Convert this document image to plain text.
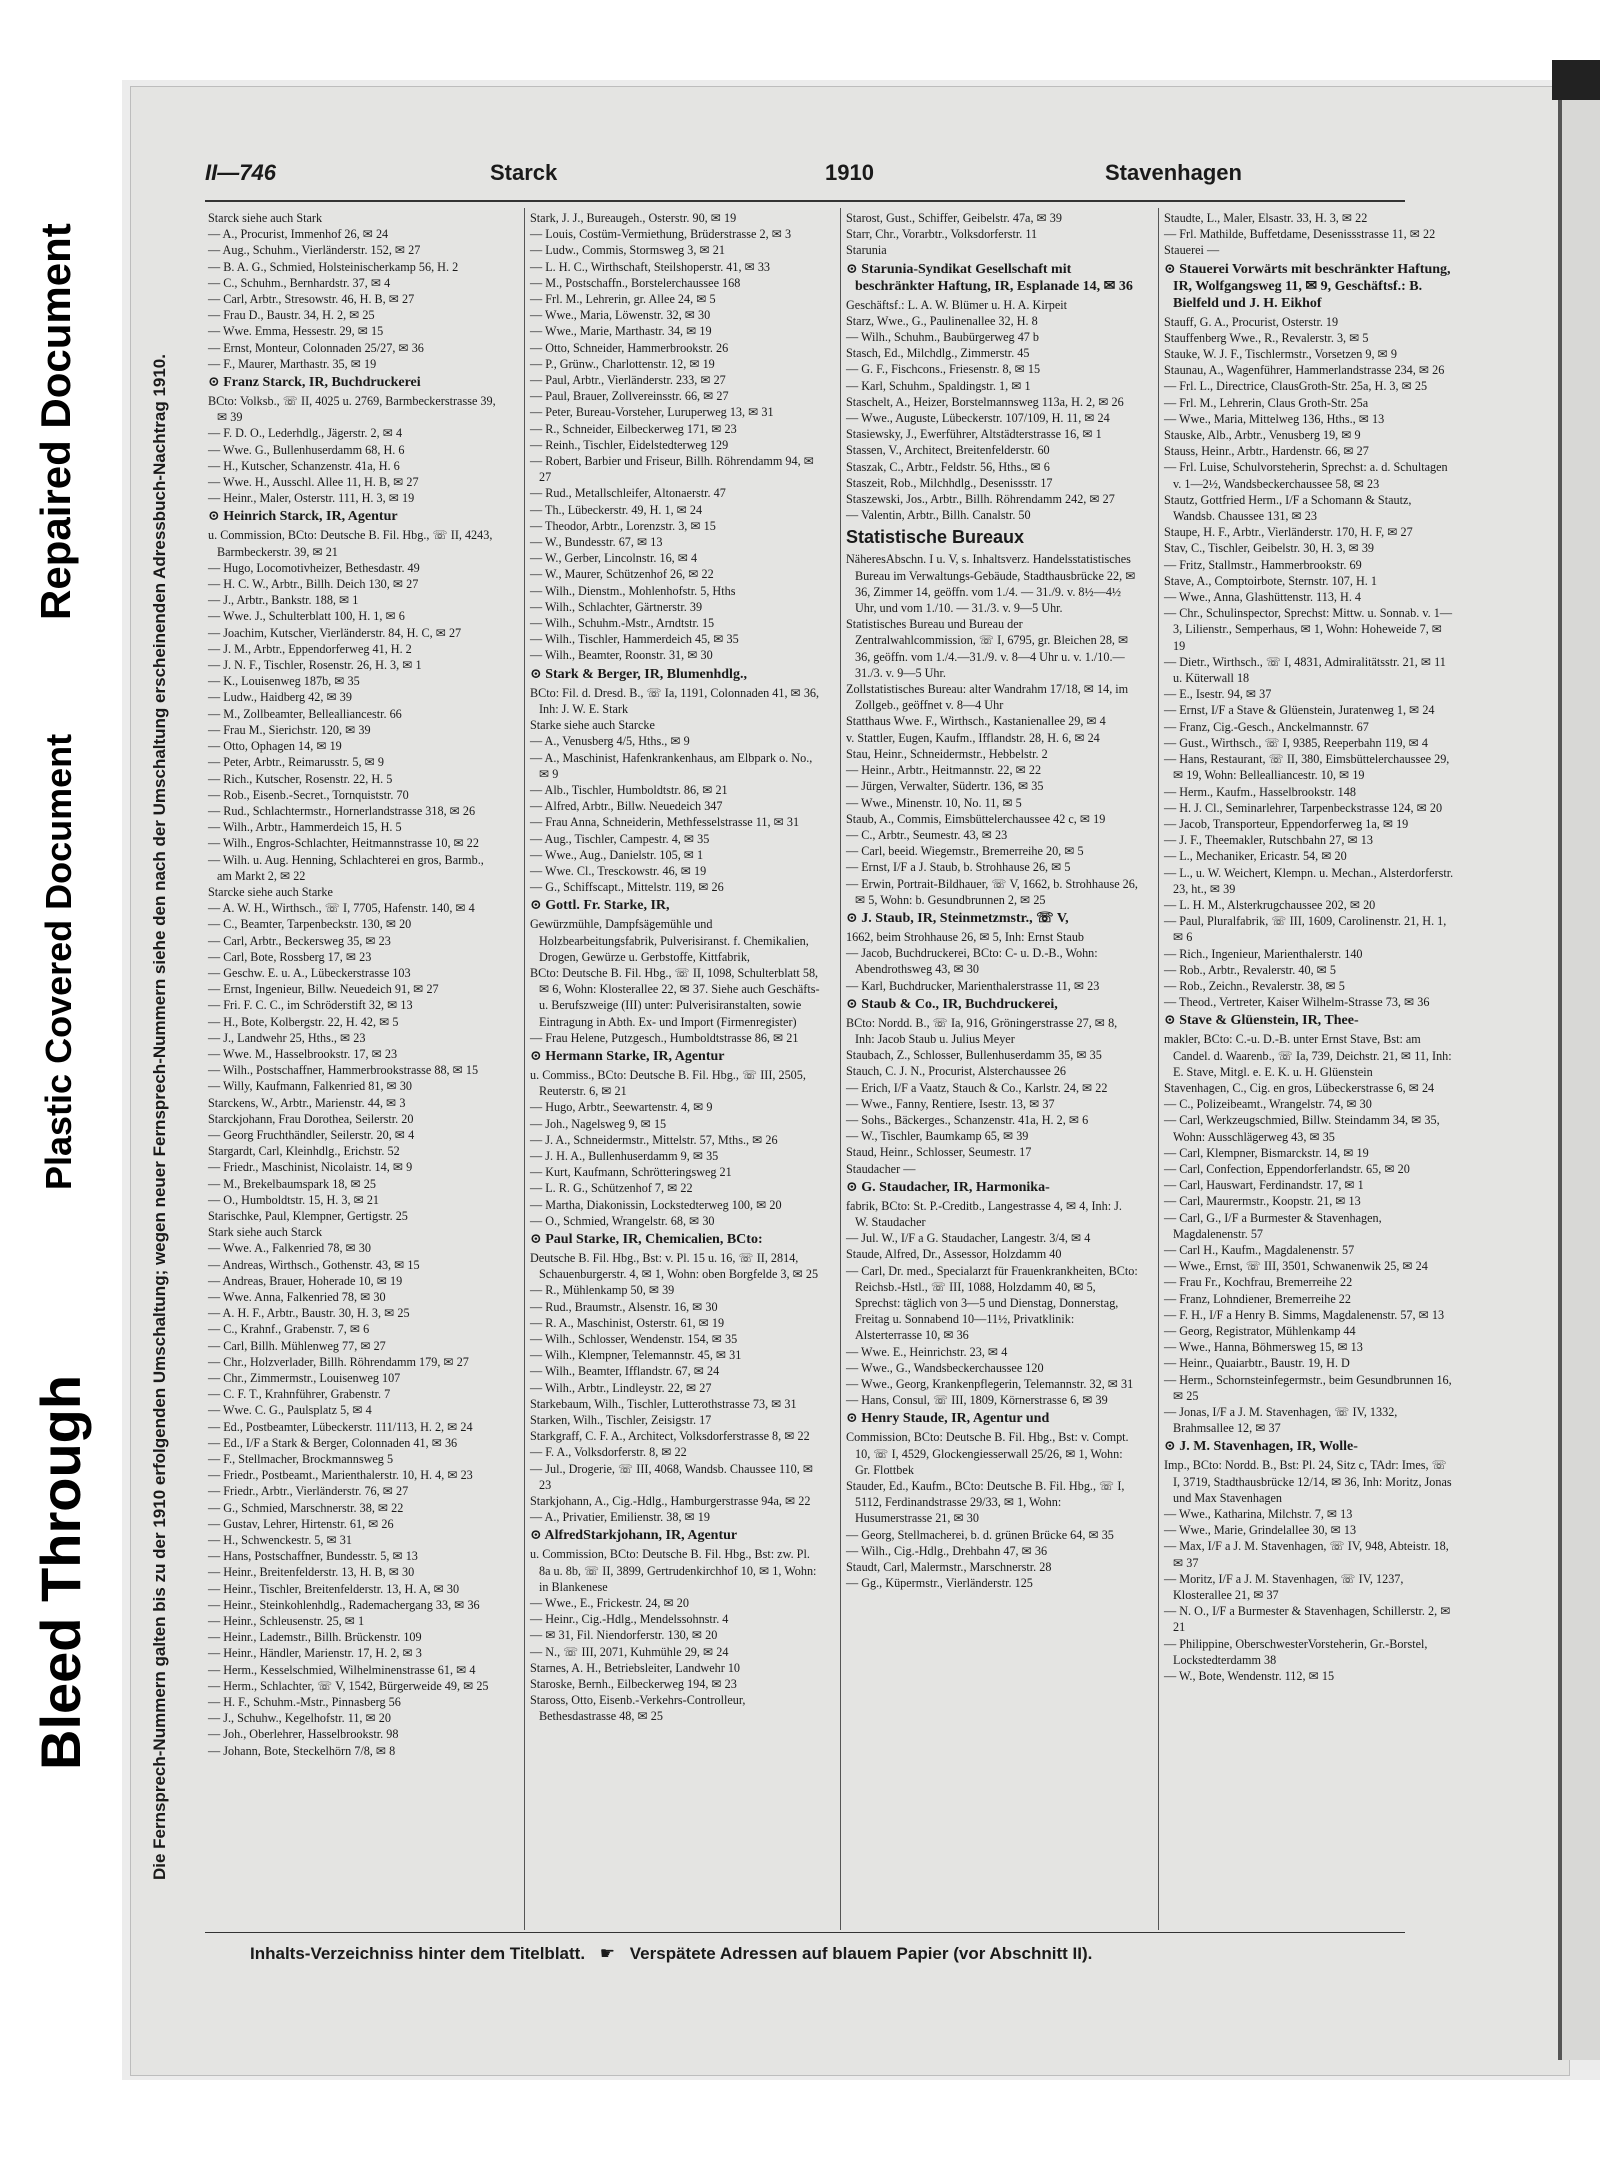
Bleed Through
Plastic Covered Document
Repaired Document	Die Fernsprech-Nummern galten bis zu der 1910 erfolgenden Umschaltung; wegen neuer Fernsprech-Nummern siehe den nach der Umschaltung erscheinenden Adressbuch-Nachtrag 1910.
II—746	Starck	1910	Stavenhagen

Starck siehe auch Stark

— A., Procurist, Immenhof 26, ✉ 24

— Aug., Schuhm., Vierländerstr. 152, ✉ 27

— B. A. G., Schmied, Holsteinischerkamp 56, H. 2

— C., Schuhm., Bernhardstr. 37, ✉ 4

— Carl, Arbtr., Stresowstr. 46, H. B, ✉ 27

— Frau D., Baustr. 34, H. 2, ✉ 25

— Wwe. Emma, Hessestr. 29, ✉ 15

— Ernst, Monteur, Colonnaden 25/27, ✉ 36

— F., Maurer, Marthastr. 35, ✉ 19

⊙ Franz Starck, IR, Buchdruckerei

BCto: Volksb., ☏ II, 4025 u. 2769, Barmbeckerstrasse 39, ✉ 39

— F. D. O., Lederhdlg., Jägerstr. 2, ✉ 4

— Wwe. G., Bullenhuserdamm 68, H. 6

— H., Kutscher, Schanzenstr. 41a, H. 6

— Wwe. H., Ausschl. Allee 11, H. B, ✉ 27

— Heinr., Maler, Osterstr. 111, H. 3, ✉ 19

⊙ Heinrich Starck, IR, Agentur

u. Commission, BCto: Deutsche B. Fil. Hbg., ☏ II, 4243, Barmbeckerstr. 39, ✉ 21

— Hugo, Locomotivheizer, Bethesdastr. 49

— H. C. W., Arbtr., Billh. Deich 130, ✉ 27

— J., Arbtr., Bankstr. 188, ✉ 1

— Wwe. J., Schulterblatt 100, H. 1, ✉ 6

— Joachim, Kutscher, Vierländerstr. 84, H. C, ✉ 27

— J. M., Arbtr., Eppendorferweg 41, H. 2

— J. N. F., Tischler, Rosenstr. 26, H. 3, ✉ 1

— K., Louisenweg 187b, ✉ 35

— Ludw., Haidberg 42, ✉ 39

— M., Zollbeamter, Bellealliancestr. 66

— Frau M., Sierichstr. 120, ✉ 39

— Otto, Ophagen 14, ✉ 19

— Peter, Arbtr., Reimarusstr. 5, ✉ 9

— Rich., Kutscher, Rosenstr. 22, H. 5

— Rob., Eisenb.-Secret., Tornquiststr. 70

— Rud., Schlachtermstr., Hornerlandstrasse 318, ✉ 26

— Wilh., Arbtr., Hammerdeich 15, H. 5

— Wilh., Engros-Schlachter, Heitmannstrasse 10, ✉ 22

— Wilh. u. Aug. Henning, Schlachterei en gros, Barmb., am Markt 2, ✉ 22

Starcke siehe auch Starke

— A. W. H., Wirthsch., ☏ I, 7705, Hafenstr. 140, ✉ 4

— C., Beamter, Tarpenbeckstr. 130, ✉ 20

— Carl, Arbtr., Beckersweg 35, ✉ 23

— Carl, Bote, Rossberg 17, ✉ 23

— Geschw. E. u. A., Lübeckerstrasse 103

— Ernst, Ingenieur, Billw. Neuedeich 91, ✉ 27

— Fri. F. C. C., im Schröderstift 32, ✉ 13

— H., Bote, Kolbergstr. 22, H. 42, ✉ 5

— J., Landwehr 25, Hths., ✉ 23

— Wwe. M., Hasselbrookstr. 17, ✉ 23

— Wilh., Postschaffner, Hammerbrookstrasse 88, ✉ 15

— Willy, Kaufmann, Falkenried 81, ✉ 30

Starckens, W., Arbtr., Marienstr. 44, ✉ 3

Starckjohann, Frau Dorothea, Seilerstr. 20

— Georg Fruchthändler, Seilerstr. 20, ✉ 4

Stargardt, Carl, Kleinhdlg., Erichstr. 52

— Friedr., Maschinist, Nicolaistr. 14, ✉ 9

— M., Brekelbaumspark 18, ✉ 25

— O., Humboldtstr. 15, H. 3, ✉ 21

Starischke, Paul, Klempner, Gertigstr. 25

Stark siehe auch Starck

— Wwe. A., Falkenried 78, ✉ 30

— Andreas, Wirthsch., Gothenstr. 43, ✉ 15

— Andreas, Brauer, Hoherade 10, ✉ 19

— Wwe. Anna, Falkenried 78, ✉ 30

— A. H. F., Arbtr., Baustr. 30, H. 3, ✉ 25

— C., Krahnf., Grabenstr. 7, ✉ 6

— Carl, Billh. Mühlenweg 77, ✉ 27

— Chr., Holzverlader, Billh. Röhrendamm 179, ✉ 27

— Chr., Zimmermstr., Louisenweg 107

— C. F. T., Krahnführer, Grabenstr. 7

— Wwe. C. G., Paulsplatz 5, ✉ 4

— Ed., Postbeamter, Lübeckerstr. 111/113, H. 2, ✉ 24

— Ed., I/F a Stark & Berger, Colonnaden 41, ✉ 36

— F., Stellmacher, Brockmannsweg 5

— Friedr., Postbeamt., Marienthalerstr. 10, H. 4, ✉ 23

— Friedr., Arbtr., Vierländerstr. 76, ✉ 27

— G., Schmied, Marschnerstr. 38, ✉ 22

— Gustav, Lehrer, Hirtenstr. 61, ✉ 26

— H., Schwenckestr. 5, ✉ 31

— Hans, Postschaffner, Bundesstr. 5, ✉ 13

— Heinr., Breitenfelderstr. 13, H. B, ✉ 30

— Heinr., Tischler, Breitenfelderstr. 13, H. A, ✉ 30

— Heinr., Steinkohlenhdlg., Rademachergang 33, ✉ 36

— Heinr., Schleusenstr. 25, ✉ 1

— Heinr., Lademstr., Billh. Brückenstr. 109

— Heinr., Händler, Marienstr. 17, H. 2, ✉ 3

— Herm., Kesselschmied, Wilhelminenstrasse 61, ✉ 4

— Herm., Schlachter, ☏ V, 1542, Bürgerweide 49, ✉ 25

— H. F., Schuhm.-Mstr., Pinnasberg 56

— J., Schuhw., Kegelhofstr. 11, ✉ 20

— Joh., Oberlehrer, Hasselbrookstr. 98

— Johann, Bote, Steckelhörn 7/8, ✉ 8

Stark, J. J., Bureaugeh., Osterstr. 90, ✉ 19

— Louis, Costüm-Vermiethung, Brüderstrasse 2, ✉ 3

— Ludw., Commis, Stormsweg 3, ✉ 21

— L. H. C., Wirthschaft, Steilshoperstr. 41, ✉ 33

— M., Postschaffn., Borstelerchaussee 168

— Frl. M., Lehrerin, gr. Allee 24, ✉ 5

— Wwe., Maria, Löwenstr. 32, ✉ 30

— Wwe., Marie, Marthastr. 34, ✉ 19

— Otto, Schneider, Hammerbrookstr. 26

— P., Grünw., Charlottenstr. 12, ✉ 19

— Paul, Arbtr., Vierländerstr. 233, ✉ 27

— Paul, Brauer, Zollvereinsstr. 66, ✉ 27

— Peter, Bureau-Vorsteher, Luruperweg 13, ✉ 31

— R., Schneider, Eilbeckerweg 171, ✉ 23

— Reinh., Tischler, Eidelstedterweg 129

— Robert, Barbier und Friseur, Billh. Röhrendamm 94, ✉ 27

— Rud., Metallschleifer, Altonaerstr. 47

— Th., Lübeckerstr. 49, H. 1, ✉ 24

— Theodor, Arbtr., Lorenzstr. 3, ✉ 15

— W., Bundesstr. 67, ✉ 13

— W., Gerber, Lincolnstr. 16, ✉ 4

— W., Maurer, Schützenhof 26, ✉ 22

— Wilh., Dienstm., Mohlenhofstr. 5, Hths

— Wilh., Schlachter, Gärtnerstr. 39

— Wilh., Schuhm.-Mstr., Arndtstr. 15

— Wilh., Tischler, Hammerdeich 45, ✉ 35

— Wilh., Beamter, Roonstr. 31, ✉ 30

⊙ Stark & Berger, IR, Blumenhdlg.,

BCto: Fil. d. Dresd. B., ☏ Ia, 1191, Colonnaden 41, ✉ 36, Inh: J. W. E. Stark

Starke siehe auch Starcke

— A., Venusberg 4/5, Hths., ✉ 9

— A., Maschinist, Hafenkrankenhaus, am Elbpark o. No., ✉ 9

— Alb., Tischler, Humboldtstr. 86, ✉ 21

— Alfred, Arbtr., Billw. Neuedeich 347

— Frau Anna, Schneiderin, Methfesselstrasse 11, ✉ 31

— Aug., Tischler, Campestr. 4, ✉ 35

— Wwe., Aug., Danielstr. 105, ✉ 1

— Wwe. Cl., Tresckowstr. 46, ✉ 19

— G., Schiffscapt., Mittelstr. 119, ✉ 26

⊙ Gottl. Fr. Starke, IR,

Gewürzmühle, Dampfsägemühle und Holzbearbeitungsfabrik, Pulverisiranst. f. Chemikalien, Drogen, Gewürze u. Gerbstoffe, Kittfabrik,

BCto: Deutsche B. Fil. Hbg., ☏ II, 1098, Schulterblatt 58, ✉ 6, Wohn: Klosterallee 22, ✉ 37. Siehe auch Geschäfts- u. Berufszweige (III) unter: Pulverisiranstalten, sowie Eintragung in Abth. Ex- und Import (Firmenregister)

— Frau Helene, Putzgesch., Humboldtstrasse 86, ✉ 21

⊙ Hermann Starke, IR, Agentur

u. Commiss., BCto: Deutsche B. Fil. Hbg., ☏ III, 2505, Reuterstr. 6, ✉ 21

— Hugo, Arbtr., Seewartenstr. 4, ✉ 9

— Joh., Nagelsweg 9, ✉ 15

— J. A., Schneidermstr., Mittelstr. 57, Mths., ✉ 26

— J. H. A., Bullenhuserdamm 9, ✉ 35

— Kurt, Kaufmann, Schrötteringsweg 21

— L. R. G., Schützenhof 7, ✉ 22

— Martha, Diakonissin, Lockstedterweg 100, ✉ 20

— O., Schmied, Wrangelstr. 68, ✉ 30

⊙ Paul Starke, IR, Chemicalien, BCto:

Deutsche B. Fil. Hbg., Bst: v. Pl. 15 u. 16, ☏ II, 2814, Schauenburgerstr. 4, ✉ 1, Wohn: oben Borgfelde 3, ✉ 25

— R., Mühlenkamp 50, ✉ 39

— Rud., Braumstr., Alsenstr. 16, ✉ 30

— R. A., Maschinist, Osterstr. 61, ✉ 19

— Wilh., Schlosser, Wendenstr. 154, ✉ 35

— Wilh., Klempner, Telemannstr. 45, ✉ 31

— Wilh., Beamter, Ifflandstr. 67, ✉ 24

— Wilh., Arbtr., Lindleystr. 22, ✉ 27

Starkebaum, Wilh., Tischler, Lutterothstrasse 73, ✉ 31

Starken, Wilh., Tischler, Zeisigstr. 17

Starkgraff, C. F. A., Architect, Volksdorferstrasse 8, ✉ 22

— F. A., Volksdorferstr. 8, ✉ 22

— Jul., Drogerie, ☏ III, 4068, Wandsb. Chaussee 110, ✉ 23

Starkjohann, A., Cig.-Hdlg., Hamburgerstrasse 94a, ✉ 22

— A., Privatier, Emilienstr. 38, ✉ 19

⊙ AlfredStarkjohann, IR, Agentur

u. Commission, BCto: Deutsche B. Fil. Hbg., Bst: zw. Pl. 8a u. 8b, ☏ II, 3899, Gertrudenkirchhof 10, ✉ 1, Wohn: in Blankenese

— Wwe., E., Frickestr. 24, ✉ 20

— Heinr., Cig.-Hdlg., Mendelssohnstr. 4

— ✉ 31, Fil. Niendorferstr. 130, ✉ 20

— N., ☏ III, 2071, Kuhmühle 29, ✉ 24

Starnes, A. H., Betriebsleiter, Landwehr 10

Staroske, Bernh., Eilbeckerweg 194, ✉ 23

Staross, Otto, Eisenb.-Verkehrs-Controlleur, Bethesdastrasse 48, ✉ 25

Starost, Gust., Schiffer, Geibelstr. 47a, ✉ 39

Starr, Chr., Vorarbtr., Volksdorferstr. 11

Starunia

⊙ Starunia-Syndikat Gesellschaft mit beschränkter Haftung, IR, Esplanade 14, ✉ 36

Geschäftsf.: L. A. W. Blümer u. H. A. Kirpeit

Starz, Wwe., G., Paulinenallee 32, H. 8

— Wilh., Schuhm., Baubürgerweg 47 b

Stasch, Ed., Milchdlg., Zimmerstr. 45

— G. F., Fischcons., Friesenstr. 8, ✉ 15

— Karl, Schuhm., Spaldingstr. 1, ✉ 1

Staschelt, A., Heizer, Borstelmannsweg 113a, H. 2, ✉ 26

— Wwe., Auguste, Lübeckerstr. 107/109, H. 11, ✉ 24

Stasiewsky, J., Ewerführer, Altstädterstrasse 16, ✉ 1

Stassen, V., Architect, Breitenfelderstr. 60

Staszak, C., Arbtr., Feldstr. 56, Hths., ✉ 6

Staszeit, Rob., Milchhdlg., Desenissstr. 17

Staszewski, Jos., Arbtr., Billh. Röhrendamm 242, ✉ 27

— Valentin, Arbtr., Billh. Canalstr. 50

Statistische Bureaux

NäheresAbschn. I u. V, s. Inhaltsverz. Handelsstatistisches Bureau im Verwaltungs-Gebäude, Stadthausbrücke 22, ✉ 36, Zimmer 14, geöffn. vom 1./4. — 31./9. v. 8½—4½ Uhr, und vom 1./10. — 31./3. v. 9—5 Uhr.

Statistisches Bureau und Bureau der Zentralwahlcommission, ☏ I, 6795, gr. Bleichen 28, ✉ 36, geöffn. vom 1./4.—31./9. v. 8—4 Uhr u. v. 1./10.—31./3. v. 9—5 Uhr.

Zollstatistisches Bureau: alter Wandrahm 17/18, ✉ 14, im Zollgeb., geöffnet v. 8—4 Uhr

Statthaus Wwe. F., Wirthsch., Kastanienallee 29, ✉ 4

v. Stattler, Eugen, Kaufm., Ifflandstr. 28, H. 6, ✉ 24

Stau, Heinr., Schneidermstr., Hebbelstr. 2

— Heinr., Arbtr., Heitmannstr. 22, ✉ 22

— Jürgen, Verwalter, Südertr. 136, ✉ 35

— Wwe., Minenstr. 10, No. 11, ✉ 5

Staub, A., Commis, Eimsbüttelerchaussee 42 c, ✉ 19

— C., Arbtr., Seumestr. 43, ✉ 23

— Carl, beeid. Wiegemstr., Bremerreihe 20, ✉ 5

— Ernst, I/F a J. Staub, b. Strohhause 26, ✉ 5

— Erwin, Portrait-Bildhauer, ☏ V, 1662, b. Strohhause 26, ✉ 5, Wohn: b. Gesundbrunnen 2, ✉ 25

⊙ J. Staub, IR, Steinmetzmstr., ☏ V,

1662, beim Strohhause 26, ✉ 5, Inh: Ernst Staub

— Jacob, Buchdruckerei, BCto: C- u. D.-B., Wohn: Abendrothsweg 43, ✉ 30

— Karl, Buchdrucker, Marienthalerstrasse 11, ✉ 23

⊙ Staub & Co., IR, Buchdruckerei,

BCto: Nordd. B., ☏ Ia, 916, Gröningerstrasse 27, ✉ 8, Inh: Jacob Staub u. Julius Meyer

Staubach, Z., Schlosser, Bullenhuserdamm 35, ✉ 35

Stauch, C. J. N., Procurist, Alsterchaussee 26

— Erich, I/F a Vaatz, Stauch & Co., Karlstr. 24, ✉ 22

— Wwe., Fanny, Rentiere, Isestr. 13, ✉ 37

— Sohs., Bäckerges., Schanzenstr. 41a, H. 2, ✉ 6

— W., Tischler, Baumkamp 65, ✉ 39

Staud, Heinr., Schlosser, Seumestr. 17

Staudacher —

⊙ G. Staudacher, IR, Harmonika-

fabrik, BCto: St. P.-Creditb., Langestrasse 4, ✉ 4, Inh: J. W. Staudacher

— Jul. W., I/F a G. Staudacher, Langestr. 3/4, ✉ 4

Staude, Alfred, Dr., Assessor, Holzdamm 40

— Carl, Dr. med., Specialarzt für Frauenkrankheiten, BCto: Reichsb.-Hstl., ☏ III, 1088, Holzdamm 40, ✉ 5, Sprechst: täglich von 3—5 und Dienstag, Donnerstag, Freitag u. Sonnabend 10—11½, Privatklinik: Alsterterrasse 10, ✉ 36

— Wwe. E., Heinrichstr. 23, ✉ 4

— Wwe., G., Wandsbeckerchaussee 120

— Wwe., Georg, Krankenpflegerin, Telemannstr. 32, ✉ 31

— Hans, Consul, ☏ III, 1809, Körnerstrasse 6, ✉ 39

⊙ Henry Staude, IR, Agentur und

Commission, BCto: Deutsche B. Fil. Hbg., Bst: v. Compt. 10, ☏ I, 4529, Glockengiesserwall 25/26, ✉ 1, Wohn: Gr. Flottbek

Stauder, Ed., Kaufm., BCto: Deutsche B. Fil. Hbg., ☏ I, 5112, Ferdinandstrasse 29/33, ✉ 1, Wohn: Husumerstrasse 21, ✉ 30

— Georg, Stellmacherei, b. d. grünen Brücke 64, ✉ 35

— Wilh., Cig.-Hdlg., Drehbahn 47, ✉ 36

Staudt, Carl, Malermstr., Marschnerstr. 28

— Gg., Küpermstr., Vierländerstr. 125

Staudte, L., Maler, Elsastr. 33, H. 3, ✉ 22

— Frl. Mathilde, Buffetdame, Desenissstrasse 11, ✉ 22

Stauerei —

⊙ Stauerei Vorwärts mit beschränkter Haftung, IR, Wolfgangsweg 11, ✉ 9, Geschäftsf.: B. Bielfeld und J. H. Eikhof

Stauff, G. A., Procurist, Osterstr. 19

Stauffenberg Wwe., R., Revalerstr. 3, ✉ 5

Stauke, W. J. F., Tischlermstr., Vorsetzen 9, ✉ 9

Staunau, A., Wagenführer, Hammerlandstrasse 234, ✉ 26

— Frl. L., Directrice, ClausGroth-Str. 25a, H. 3, ✉ 25

— Frl. M., Lehrerin, Claus Groth-Str. 25a

— Wwe., Maria, Mittelweg 136, Hths., ✉ 13

Stauske, Alb., Arbtr., Venusberg 19, ✉ 9

Stauss, Heinr., Arbtr., Hardenstr. 66, ✉ 27

— Frl. Luise, Schulvorsteherin, Sprechst: a. d. Schultagen v. 1—2½, Wandsbeckerchaussee 58, ✉ 23

Stautz, Gottfried Herm., I/F a Schomann & Stautz, Wandsb. Chaussee 131, ✉ 23

Staupe, H. F., Arbtr., Vierländerstr. 170, H. F, ✉ 27

Stav, C., Tischler, Geibelstr. 30, H. 3, ✉ 39

— Fritz, Stallmstr., Hammerbrookstr. 69

Stave, A., Comptoirbote, Sternstr. 107, H. 1

— Wwe., Anna, Glashüttenstr. 113, H. 4

— Chr., Schulinspector, Sprechst: Mittw. u. Sonnab. v. 1—3, Lilienstr., Semperhaus, ✉ 1, Wohn: Hoheweide 7, ✉ 19

— Dietr., Wirthsch., ☏ I, 4831, Admiralitätsstr. 21, ✉ 11 u. Küterwall 18

— E., Isestr. 94, ✉ 37

— Ernst, I/F a Stave & Glüenstein, Juratenweg 1, ✉ 24

— Franz, Cig.-Gesch., Anckelmannstr. 67

— Gust., Wirthsch., ☏ I, 9385, Reeperbahn 119, ✉ 4

— Hans, Restaurant, ☏ II, 380, Eimsbüttelerchaussee 29, ✉ 19, Wohn: Bellealliancestr. 10, ✉ 19

— Herm., Kaufm., Hasselbrookstr. 148

— H. J. Cl., Seminarlehrer, Tarpenbeckstrasse 124, ✉ 20

— Jacob, Transporteur, Eppendorferweg 1a, ✉ 19

— J. F., Theemakler, Rutschbahn 27, ✉ 13

— L., Mechaniker, Ericastr. 54, ✉ 20

— L., u. W. Weichert, Klempn. u. Mechan., Alsterdorferstr. 23, ht., ✉ 39

— L. H. M., Alsterkrugchaussee 202, ✉ 20

— Paul, Pluralfabrik, ☏ III, 1609, Carolinenstr. 21, H. 1, ✉ 6

— Rich., Ingenieur, Marienthalerstr. 140

— Rob., Arbtr., Revalerstr. 40, ✉ 5

— Rob., Zeichn., Revalerstr. 38, ✉ 5

— Theod., Vertreter, Kaiser Wilhelm-Strasse 73, ✉ 36

⊙ Stave & Glüenstein, IR, Thee-

makler, BCto: C.-u. D.-B. unter Ernst Stave, Bst: am Candel. d. Waarenb., ☏ Ia, 739, Deichstr. 21, ✉ 11, Inh: E. Stave, Mitgl. e. E. K. u. H. Glüenstein

Stavenhagen, C., Cig. en gros, Lübeckerstrasse 6, ✉ 24

— C., Polizeibeamt., Wrangelstr. 74, ✉ 30

— Carl, Werkzeugschmied, Billw. Steindamm 34, ✉ 35, Wohn: Ausschlägerweg 43, ✉ 35

— Carl, Klempner, Bismarckstr. 14, ✉ 19

— Carl, Confection, Eppendorferlandstr. 65, ✉ 20

— Carl, Hauswart, Ferdinandstr. 17, ✉ 1

— Carl, Maurermstr., Koopstr. 21, ✉ 13

— Carl, G., I/F a Burmester & Stavenhagen, Magdalenenstr. 57

— Carl H., Kaufm., Magdalenenstr. 57

— Wwe., Ernst, ☏ III, 3501, Schwanenwik 25, ✉ 24

— Frau Fr., Kochfrau, Bremerreihe 22

— Franz, Lohndiener, Bremerreihe 22

— F. H., I/F a Henry B. Simms, Magdalenenstr. 57, ✉ 13

— Georg, Registrator, Mühlenkamp 44

— Wwe., Hanna, Böhmersweg 15, ✉ 13

— Heinr., Quaiarbtr., Baustr. 19, H. D

— Herm., Schornsteinfegermstr., beim Gesundbrunnen 16, ✉ 25

— Jonas, I/F a J. M. Stavenhagen, ☏ IV, 1332, Brahmsallee 12, ✉ 37

⊙ J. M. Stavenhagen, IR, Wolle-

Imp., BCto: Nordd. B., Bst: Pl. 24, Sitz c, TAdr: Imes, ☏ I, 3719, Stadthausbrücke 12/14, ✉ 36, Inh: Moritz, Jonas und Max Stavenhagen

— Wwe., Katharina, Milchstr. 7, ✉ 13

— Wwe., Marie, Grindelallee 30, ✉ 13

— Max, I/F a J. M. Stavenhagen, ☏ IV, 948, Abteistr. 18, ✉ 37

— Moritz, I/F a J. M. Stavenhagen, ☏ IV, 1237, Klosterallee 21, ✉ 37

— N. O., I/F a Burmester & Stavenhagen, Schillerstr. 2, ✉ 21

— Philippine, OberschwesterVorsteherin, Gr.-Borstel, Lockstedterdamm 38

— W., Bote, Wendenstr. 112, ✉ 15

Inhalts-Verzeichniss hinter dem Titelblatt. ☛ Verspätete Adressen auf blauem Papier (vor Abschnitt II).
